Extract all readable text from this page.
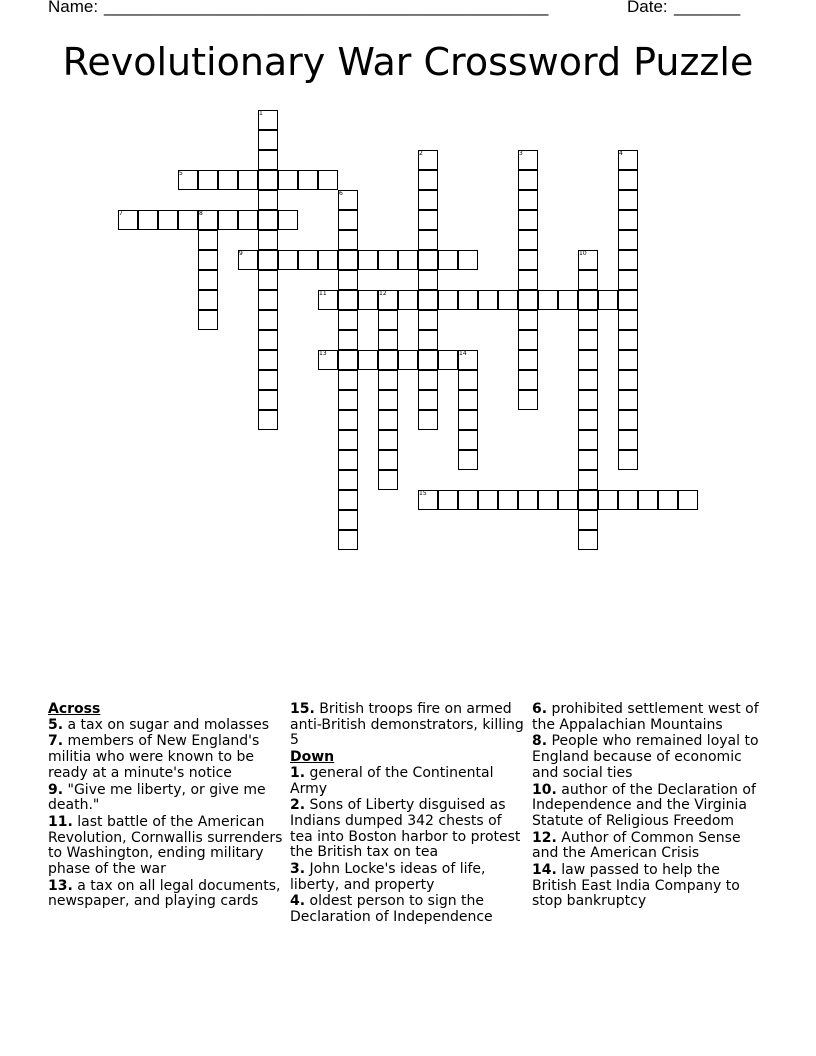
Name: _______________________________________________	Date: _______
Revolutionary War Crossword Puzzle
1
2	3	4
5
6
7	8
9	10
11	12
13	14
15
Across
5. a tax on sugar and molasses
7. members of New England's militia who were known to be ready at a minute's notice
9. "Give me liberty, or give me death."
11. last battle of the American Revolution, Cornwallis surrenders to Washington, ending military phase of the war
13. a tax on all legal documents, newspaper, and playing cards
15. British troops fire on armed anti-British demonstrators, killing 5
Down
1. general of the Continental Army
2. Sons of Liberty disguised as Indians dumped 342 chests of tea into Boston harbor to protest the British tax on tea
3. John Locke's ideas of life, liberty, and property
4. oldest person to sign the Declaration of Independence
6. prohibited settlement west of the Appalachian Mountains
8. People who remained loyal to England because of economic and social ties
10. author of the Declaration of Independence and the Virginia Statute of Religious Freedom
12. Author of Common Sense and the American Crisis
14. law passed to help the British East India Company to stop bankruptcy
